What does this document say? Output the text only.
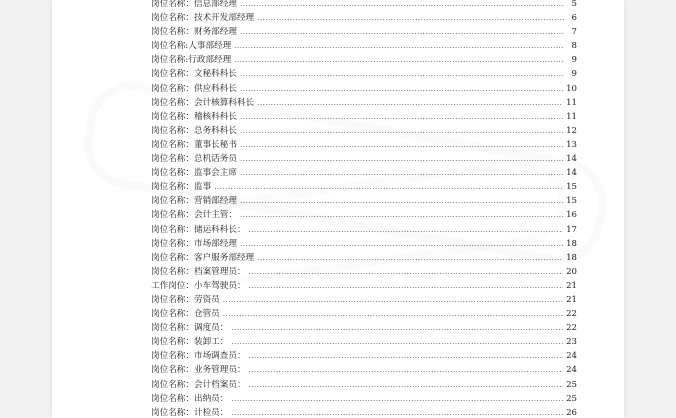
岗位名称： 信息部经理 .....	5
岗位名称： 技术开发部经理 .....	6
岗位名称： 财务部经理 .....	7
岗位名称: 人事部经理 .....	8
岗位名称: 行政部经理 .....	9
岗位名称： 文秘科科长 .....	9
岗位名称： 供应科科长 .....	10
岗位名称： 会计核算科科长 .....	11
岗位名称： 稽核科科长 .....	11
岗位名称： 总务科科长 .....	12
岗位名称： 董事长秘书 .....	13
岗位名称： 总机话务员 .....	14
岗位名称： 监事会主席 .....	14
岗位名称： 监事 .....	15
岗位名称： 营销部经理 .....	15
岗位名称： 会计主管： .....	16
岗位名称： 储运科科长： .....	17
岗位名称： 市场部经理 .....	18
岗位名称： 客户服务部经理 .....	18
岗位名称： 档案管理员： .....	20
工作岗位： 小车驾驶员： .....	21
岗位名称： 劳资员 .....	21
岗位名称： 仓管员 .....	22
岗位名称： 调度员： .....	22
岗位名称： 装卸工： .....	23
岗位名称： 市场调查员： .....	24
岗位名称： 业务管理员： .....	24
岗位名称： 会计档案员： .....	25
岗位名称： 出纳员： .....	25
岗位名称： 计检员： .....	26
